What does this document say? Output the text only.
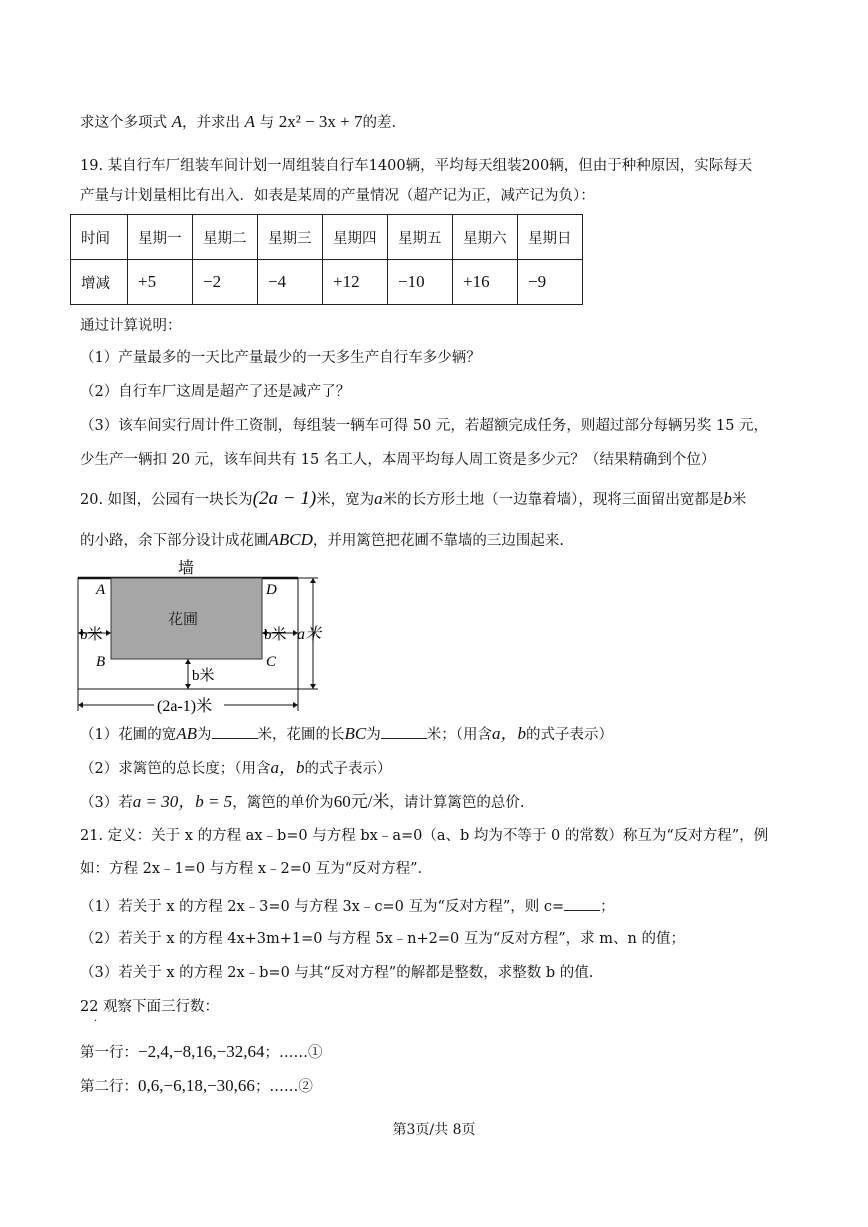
求这个多项式 A，并求出 A 与 2x² − 3x + 7的差.
19. 某自行车厂组装车间计划一周组装自行车1400辆，平均每天组装200辆，但由于种种原因，实际每天
产量与计划量相比有出入．如表是某周的产量情况（超产记为正，减产记为负）：
时间	星期一	星期二	星期三	星期四	星期五	星期六	星期日
增减	+5	−2	−4	+12	−10	+16	−9
通过计算说明：
（1）产量最多的一天比产量最少的一天多生产自行车多少辆？
（2）自行车厂这周是超产了还是减产了？
（3）该车间实行周计件工资制，每组装一辆车可得 50 元，若超额完成任务，则超过部分每辆另奖 15 元，
少生产一辆扣 20 元，该车间共有 15 名工人，本周平均每人周工资是多少元？（结果精确到个位）
20. 如图，公园有一块长为(2a − 1)米，宽为a米的长方形土地（一边靠着墙），现将三面留出宽都是b米
的小路，余下部分设计成花圃ABCD，并用篱笆把花圃不靠墙的三边围起来.
墙
花圃
A	D
B	C
b米	b米
b米
a米
(2a-1)米
（1）花圃的宽AB为	米，花圃的长BC为	米；（用含a，b的式子表示）
（2）求篱笆的总长度；（用含a，b的式子表示）
（3）若a = 30，b = 5，篱笆的单价为60元/米，请计算篱笆的总价.
21. 定义：关于 x 的方程 ax﹣b=0 与方程 bx﹣a=0（a、b 均为不等于 0 的常数）称互为“反对方程”，例
如：方程 2x﹣1=0 与方程 x﹣2=0 互为“反对方程”．
（1）若关于 x 的方程 2x﹣3=0 与方程 3x﹣c=0 互为“反对方程”，则 c= ；
（2）若关于 x 的方程 4x+3m+1=0 与方程 5x﹣n+2=0 互为“反对方程”，求 m、n 的值；
（3）若关于 x 的方程 2x﹣b=0 与其“反对方程”的解都是整数，求整数 b 的值.
22 观察下面三行数：
·
第一行：−2,4,−8,16,−32,64；……①
第二行：0,6,−6,18,−30,66；……②
第3页/共 8页
